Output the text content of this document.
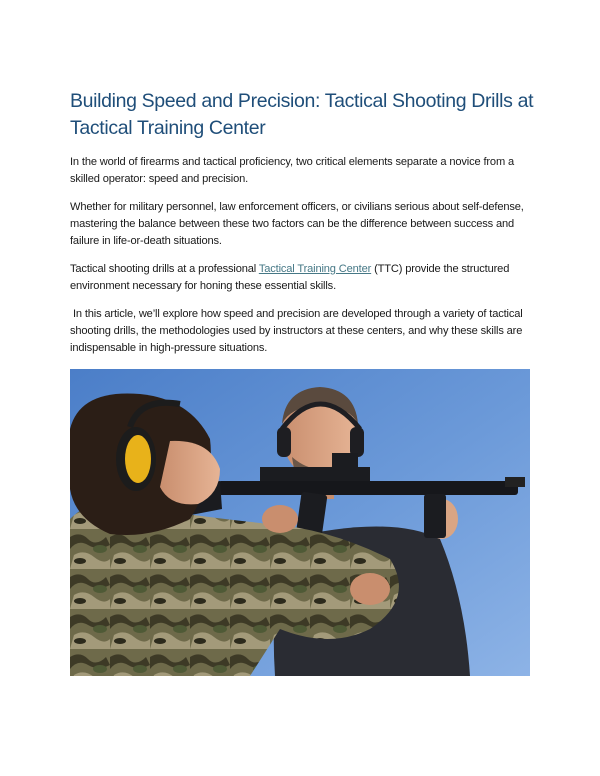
Building Speed and Precision: Tactical Shooting Drills at Tactical Training Center

In the world of firearms and tactical proficiency, two critical elements separate a novice from a skilled operator: speed and precision.

Whether for military personnel, law enforcement officers, or civilians serious about self-defense, mastering the balance between these two factors can be the difference between success and failure in life-or-death situations.

Tactical shooting drills at a professional Tactical Training Center (TTC) provide the structured environment necessary for honing these essential skills.

In this article, we’ll explore how speed and precision are developed through a variety of tactical shooting drills, the methodologies used by instructors at these centers, and why these skills are indispensable in high-pressure situations.
